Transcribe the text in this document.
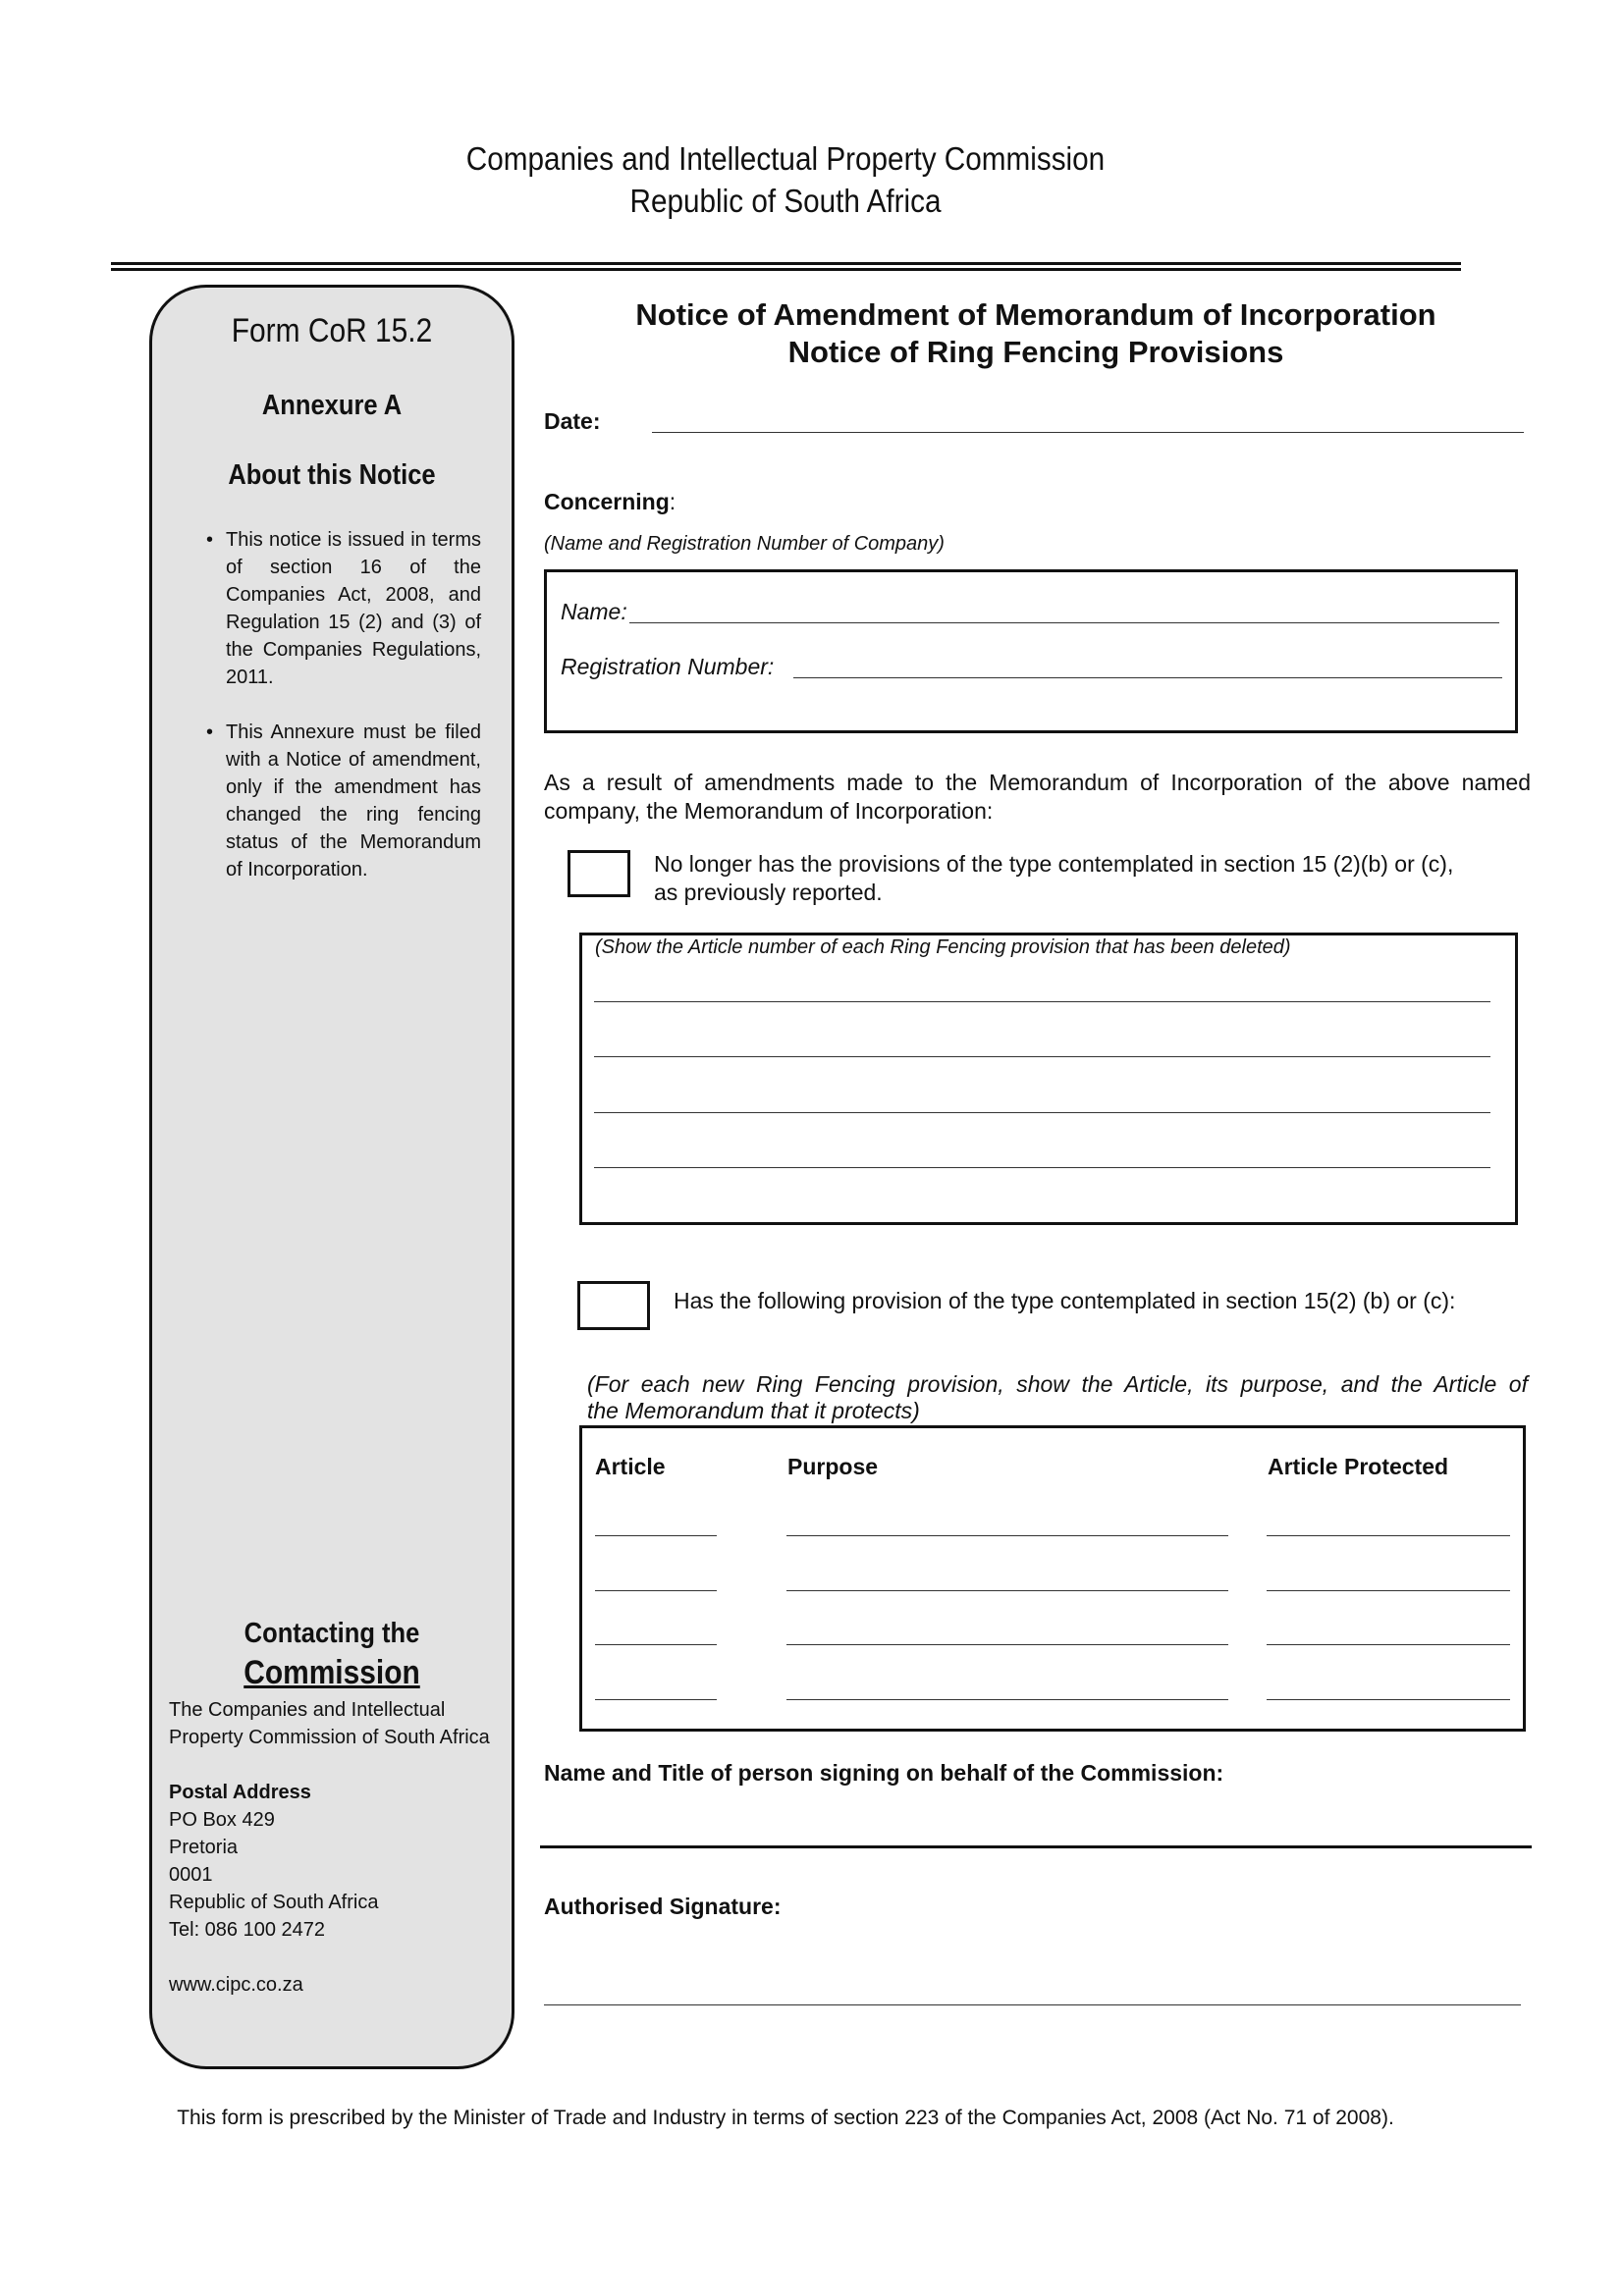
Companies and Intellectual Property Commission
Republic of South Africa
Form CoR 15.2
Annexure A
About this Notice
• This notice is issued in terms of section 16 of the Companies Act, 2008, and Regulation 15 (2) and (3) of the Companies Regulations, 2011.
• This Annexure must be filed with a Notice of amendment, only if the amendment has changed the ring fencing status of the Memorandum of Incorporation.
Contacting the
Commission

The Companies and Intellectual

Property Commission of South Africa

Postal Address

PO Box 429

Pretoria

0001

Republic of South Africa

Tel: 086 100 2472

www.cipc.co.za

Notice of Amendment of Memorandum of Incorporation
Notice of Ring Fencing Provisions
Date:
Concerning:
(Name and Registration Number of Company)
Name:
Registration Number:
As a result of amendments made to the Memorandum of Incorporation of the above named company, the Memorandum of Incorporation:
No longer has the provisions of the type contemplated in section 15 (2)(b) or (c),
as previously reported.
(Show the Article number of each Ring Fencing provision that has been deleted)
Has the following provision of the type contemplated in section 15(2) (b) or (c):
(For each new Ring Fencing provision, show the Article, its purpose, and the Article of
the Memorandum that it protects)
Article	Purpose	Article Protected
Name and Title of person signing on behalf of the Commission:
Authorised Signature:
This form is prescribed by the Minister of Trade and Industry in terms of section 223 of the Companies Act, 2008 (Act No. 71 of 2008).
